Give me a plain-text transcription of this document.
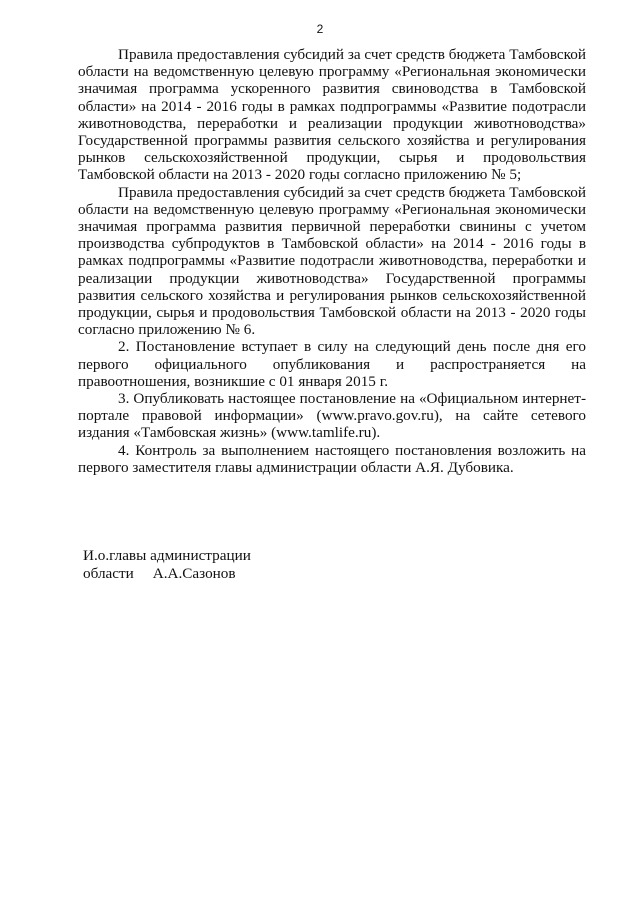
2

Правила предоставления субсидий за счет средств бюджета Тамбовской области на ведомственную целевую программу «Региональная экономически значимая программа ускоренного развития свиноводства в Тамбовской области» на 2014 - 2016 годы в рамках подпрограммы «Развитие подотрасли животноводства, переработки и реализации продукции животноводства» Государственной программы развития сельского хозяйства и регулирования рынков сельскохозяйственной продукции, сырья и продовольствия Тамбовской области на 2013 - 2020 годы согласно приложению № 5;

Правила предоставления субсидий за счет средств бюджета Тамбовской области на ведомственную целевую программу «Региональная экономически значимая программа развития первичной переработки свинины с учетом производства субпродуктов в Тамбовской области» на 2014 - 2016 годы в рамках подпрограммы «Развитие подотрасли животноводства, переработки и реализации продукции животноводства» Государственной программы развития сельского хозяйства и регулирования рынков сельскохозяйственной продукции, сырья и продовольствия Тамбовской области на 2013 - 2020 годы согласно приложению № 6.

2. Постановление вступает в силу на следующий день после дня его первого официального опубликования и распространяется на правоотношения, возникшие с 01 января 2015 г.

3. Опубликовать настоящее постановление на «Официальном интернет-портале правовой информации» (www.pravo.gov.ru), на сайте сетевого издания «Тамбовская жизнь» (www.tamlife.ru).

4. Контроль за выполнением настоящего постановления возложить на первого заместителя главы администрации области А.Я. Дубовика.

И.о.главы администрации
области     А.А.Сазонов
